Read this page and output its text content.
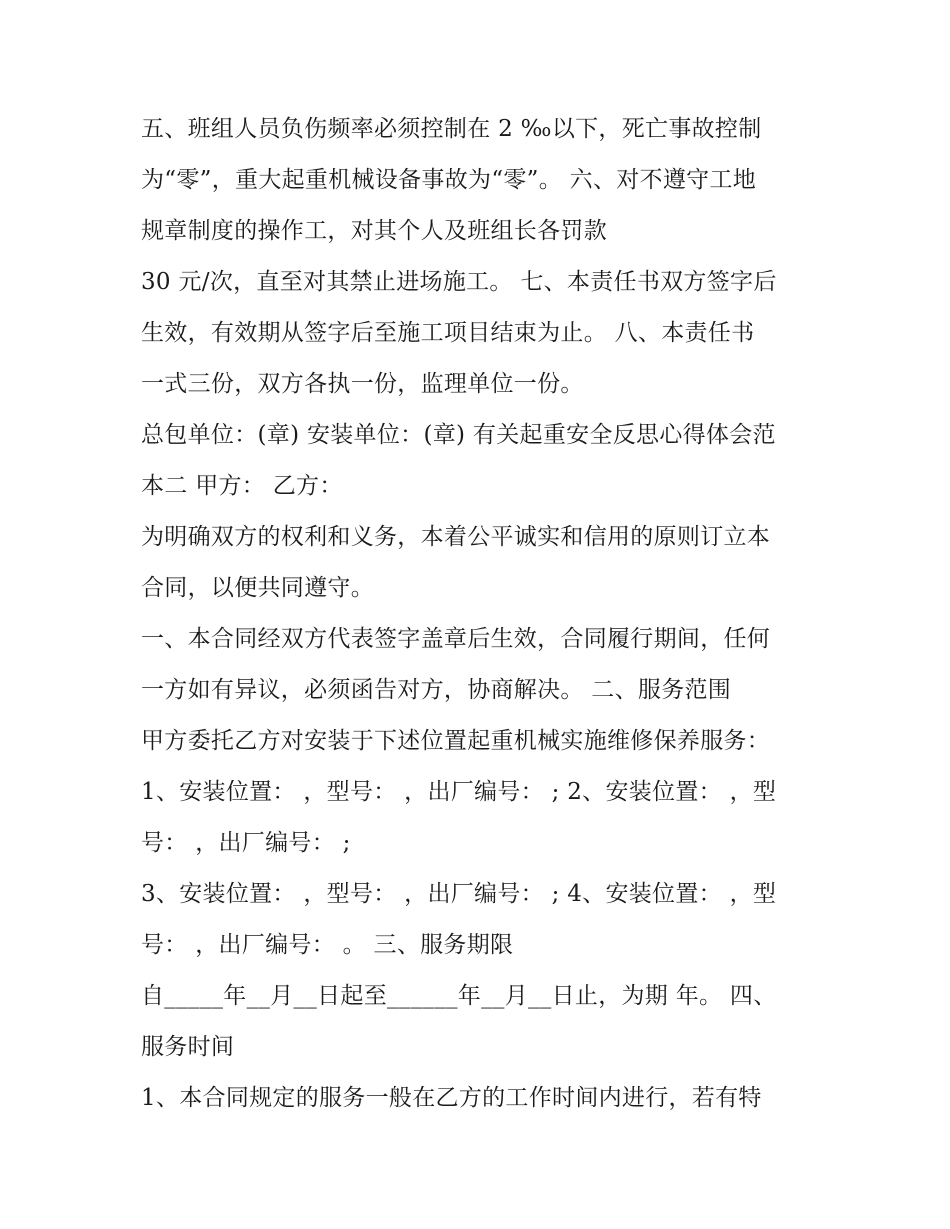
五、班组人员负伤频率必须控制在 2 ‰以下，死亡事故控制
为“零”，重大起重机械设备事故为“零”。 六、对不遵守工地
规章制度的操作工，对其个人及班组长各罚款
30 元/次，直至对其禁止进场施工。 七、本责任书双方签字后
生效，有效期从签字后至施工项目结束为止。 八、本责任书
一式三份，双方各执一份，监理单位一份。
总包单位：(章) 安装单位：(章) 有关起重安全反思心得体会范
本二 甲方： 乙方：
为明确双方的权利和义务，本着公平诚实和信用的原则订立本
合同，以便共同遵守。
一、本合同经双方代表签字盖章后生效，合同履行期间，任何
一方如有异议，必须函告对方，协商解决。 二、服务范围
甲方委托乙方对安装于下述位置起重机械实施维修保养服务：
1、安装位置： ，型号： ，出厂编号： ; 2、安装位置： ，型
号： ，出厂编号： ;
3、安装位置： ，型号： ，出厂编号： ; 4、安装位置： ，型
号： ，出厂编号： 。 三、服务期限
自_____年__月__日起至______年__月__日止，为期 年。 四、
服务时间
1、本合同规定的服务一般在乙方的工作时间内进行，若有特
